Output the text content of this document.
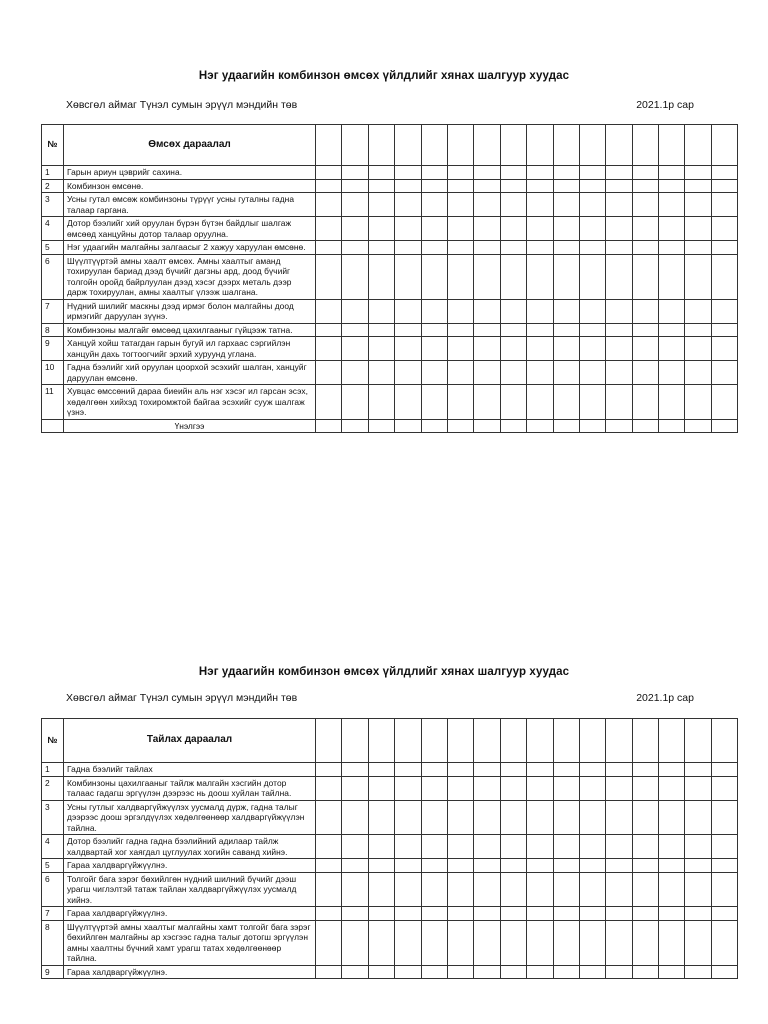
Нэг удаагийн комбинзон өмсөх үйлдлийг хянах шалгуур хуудас
Хөвсгөл аймаг Түнэл сумын эрүүл мэндийн төв	2021.1р сар
№	Өмсөх дараалал																
1	Гарын ариун цэврийг сахина.																
2	Комбинзон өмсөнө.																
3	Усны гутал өмсөж комбинзоны түрүүг усны гуталны гадна талаар гаргана.																
4	Дотор бээлийг хий оруулан бүрэн бүтэн байдлыг шалгаж өмсөөд ханцуйны дотор талаар оруулна.																
5	Нэг удаагийн малгайны залгаасыг 2 хажуу харуулан өмсөнө.																
6	Шүүлтүүртэй амны хаалт өмсөх. Амны хаалтыг аманд тохируулан бариад дээд бүчийг дагзны ард, доод бүчийг толгойн оройд байрлуулан дээд хэсэг дээрх металь дээр дарж тохируулан, амны хаалтыг үлээж шалгана.																
7	Нүдний шилийг маскны дээд ирмэг болон малгайны доод ирмэгийг даруулан зүүнэ.																
8	Комбинзоны малгайг өмсөөд цахилгааныг гүйцээж татна.																
9	Ханцуй хойш татагдан гарын бугуй ил гархаас сэргийлэн ханцуйн дахь тогтоогчийг эрхий хуруунд углана.																
10	Гадна бээлийг хий оруулан цоорхой эсэхийг шалган, ханцуйг даруулан өмсөнө.																
11	Хувцас өмссөний дараа биеийн аль нэг хэсэг ил гарсан эсэх, хөдөлгөөн хийхэд тохиромжтой байгаа эсэхийг сууж шалгаж үзнэ.																
	Үнэлгээ																
Нэг удаагийн комбинзон өмсөх үйлдлийг хянах шалгуур хуудас
Хөвсгөл аймаг Түнэл сумын эрүүл мэндийн төв	2021.1р сар
№	Тайлах дараалал																
1	Гадна бээлийг тайлах																
2	Комбинзоны цахилгааныг тайлж малгайн хэсгийн дотор талаас гадагш эргүүлэн дээрээс нь доош хуйлан тайлна.																
3	Усны гутлыг халдваргүйжүүлэх уусмалд дүрж, гадна талыг дээрээс доош эргэлдүүлэх хөдөлгөөнөөр халдваргүйжүүлэн тайлна.																
4	Дотор бээлийг гадна гадна бээлийний адилаар тайлж халдвартай хог хаягдал цуглуулах хогийн саванд хийнэ.																
5	Гараа халдваргүйжүүлнэ.																
6	Толгойг бага зэрэг бөхийлгөн нүдний шилний бүчийг дээш урагш чиглэлтэй татаж тайлан халдваргүйжүүлэх уусмалд хийнэ.																
7	Гараа халдваргүйжүүлнэ.																
8	Шүүлтүүртэй амны хаалтыг малгайны хамт толгойг бага зэрэг бөхийлгөн малгайны ар хэсгээс гадна талыг дотогш эргүүлэн амны хаалтны бүчний хамт урагш татах хөдөлгөөнөөр тайлна.																
9	Гараа халдваргүйжүүлнэ.																
